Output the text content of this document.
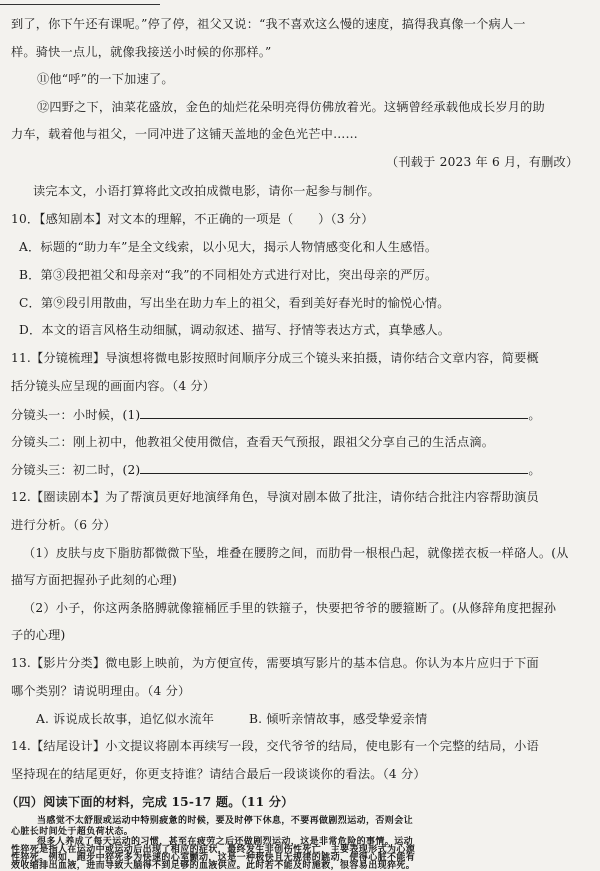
到了，你下午还有课呢。”停了停，祖父又说：“我不喜欢这么慢的速度，搞得我真像一个病人一
样。骑快一点儿，就像我接送小时候的你那样。”
⑪他“呼”的一下加速了。
⑫四野之下，油菜花盛放，金色的灿烂花朵明亮得仿佛放着光。这辆曾经承载他成长岁月的助
力车，载着他与祖父，一同冲进了这铺天盖地的金色光芒中……
（刊载于 2023 年 6 月，有删改）
读完本文，小语打算将此文改拍成微电影，请你一起参与制作。
10．【感知剧本】对文本的理解，不正确的一项是（　　）（3 分）
A．标题的“助力车”是全文线索，以小见大，揭示人物情感变化和人生感悟。
B．第③段把祖父和母亲对“我”的不同相处方式进行对比，突出母亲的严厉。
C．第⑨段引用散曲，写出坐在助力车上的祖父，看到美好春光时的愉悦心情。
D．本文的语言风格生动细腻，调动叙述、描写、抒情等表达方式，真挚感人。
11.【分镜梳理】导演想将微电影按照时间顺序分成三个镜头来拍摄，请你结合文章内容，简要概
括分镜头应呈现的画面内容。（4 分）
分镜头一：小时候，(1)	。
分镜头二：刚上初中，他教祖父使用微信，查看天气预报，跟祖父分享自己的生活点滴。
分镜头三：初二时，(2)	。
12.【圈读剧本】为了帮演员更好地演绎角色，导演对剧本做了批注，请你结合批注内容帮助演员
进行分析。（6 分）
（1）皮肤与皮下脂肪都微微下坠，堆叠在腰胯之间，而肋骨一根根凸起，就像搓衣板一样硌人。(从
描写方面把握孙子此刻的心理)
（2）小子，你这两条胳膊就像箍桶匠手里的铁箍子，快要把爷爷的腰箍断了。(从修辞角度把握孙
子的心理)
13.【影片分类】微电影上映前，为方便宣传，需要填写影片的基本信息。你认为本片应归于下面
哪个类别？请说明理由。（4 分）
A. 诉说成长故事，追忆似水流年	B. 倾听亲情故事，感受挚爱亲情
14.【结尾设计】小文提议将剧本再续写一段，交代爷爷的结局，使电影有一个完整的结局，小语
坚持现在的结尾更好，你更支持谁？请结合最后一段谈谈你的看法。（4 分）
（四）阅读下面的材料，完成 15-17 题。（11 分）
当感觉不太舒服或运动中特别疲惫的时候，要及时停下休息，不要再做剧烈运动，否则会让
心脏长时间处于超负荷状态。
很多人养成了每天运动的习惯，甚至在疲劳之后还做剧烈运动，这是非常危险的事情。运动
性猝死是指人在运动中或运动后出现了相应的症状，最终发生非创伤性死亡，主要表现形式为心源
性猝死。例如，跑步中猝死多为快速的心室颤动，这是一种极快且无规律的跳动，使得心脏不能有
效收缩排出血液，进而导致大脑得不到足够的血液供应。此时若不能及时施救，很容易出现猝死。
